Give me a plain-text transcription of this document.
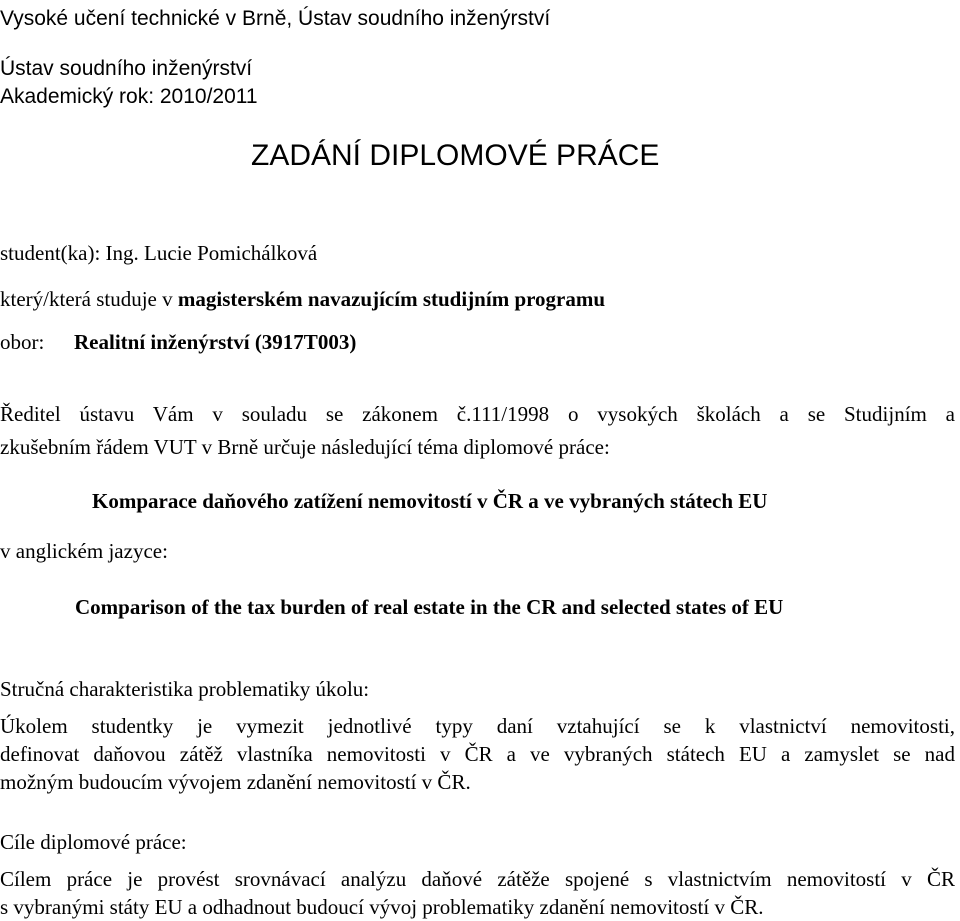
Vysoké učení technické v Brně, Ústav soudního inženýrství
Ústav soudního inženýrství
Akademický rok: 2010/2011
ZADÁNÍ DIPLOMOVÉ PRÁCE
student(ka): Ing. Lucie Pomichálková
který/která studuje v magisterském navazujícím studijním programu
obor: Realitní inženýrství (3917T003)
Ředitel ústavu Vám v souladu se zákonem č.111/1998 o vysokých školách a se Studijním a
zkušebním řádem VUT v Brně určuje následující téma diplomové práce:
Komparace daňového zatížení nemovitostí v ČR a ve vybraných státech EU
v anglickém jazyce:
Comparison of the tax burden of real estate in the CR and selected states of EU
Stručná charakteristika problematiky úkolu:
Úkolem studentky je vymezit jednotlivé typy daní vztahující se k vlastnictví nemovitosti,
definovat daňovou zátěž vlastníka nemovitosti v ČR a ve vybraných státech EU a zamyslet se nad
možným budoucím vývojem zdanění nemovitostí v ČR.
Cíle diplomové práce:
Cílem práce je provést srovnávací analýzu daňové zátěže spojené s vlastnictvím nemovitostí v ČR
s vybranými státy EU a odhadnout budoucí vývoj problematiky zdanění nemovitostí v ČR.
